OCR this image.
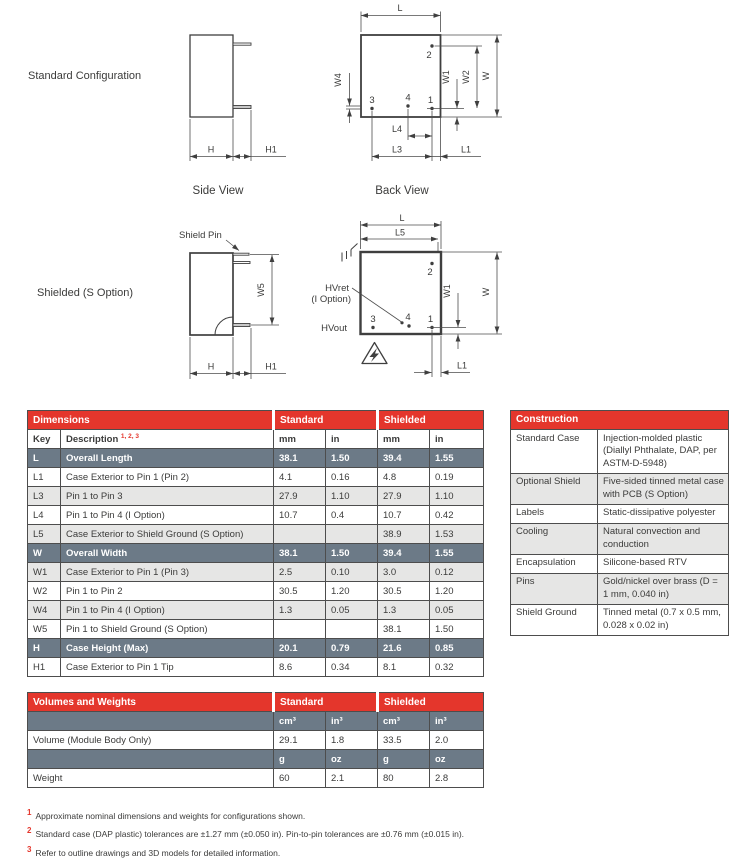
Standard Configuration
Shielded (S Option)
H	H1
Side View
L
2
3	4 1
W4	W1 W2 W
L4
L3	L1
Back View
Shield Pin
W5
H	H1
L
L5
2
3	4 1
HVret
(I Option)
HVout
W1	W
L1
Dimensions		Standard		Shielded	
Key	Description $^{1, 2, 3}$	mm	in	mm	in
L	Overall Length	38.1	1.50	39.4	1.55
L1	Case Exterior to Pin 1 (Pin 2)	4.1	0.16	4.8	0.19
L3	Pin 1 to Pin 3	27.9	1.10	27.9	1.10
L4	Pin 1 to Pin 4 (I Option)	10.7	0.4	10.7	0.42
L5	Case Exterior to Shield Ground (S Option)			38.9	1.53
W	Overall Width	38.1	1.50	39.4	1.55
W1	Case Exterior to Pin 1 (Pin 3)	2.5	0.10	3.0	0.12
W2	Pin 1 to Pin 2	30.5	1.20	30.5	1.20
W4	Pin 1 to Pin 4 (I Option)	1.3	0.05	1.3	0.05
W5	Pin 1 to Shield Ground (S Option)			38.1	1.50
H	Case Height (Max)	20.1	0.79	21.6	0.85
H1	Case Exterior to Pin 1 Tip	8.6	0.34	8.1	0.32
Construction	
Standard Case	Injection-molded plastic (Diallyl Phthalate, DAP, per ASTM-D-5948)
Optional Shield	Five-sided tinned metal case with PCB (S Option)
Labels	Static-dissipative polyester
Cooling	Natural convection and conduction
Encapsulation	Silicone-based RTV
Pins	Gold/nickel over brass (D = 1 mm, 0.040 in)
Shield Ground	Tinned metal (0.7 x 0.5 mm, 0.028 x 0.02 in)
Volumes and Weights	Standard		Shielded	
	cm³	in³	cm³	in³
Volume (Module Body Only)	29.1	1.8	33.5	2.0
	g	oz	g	oz
Weight	60	2.1	80	2.8
1 Approximate nominal dimensions and weights for configurations shown.
2 Standard case (DAP plastic) tolerances are ±1.27 mm (±0.050 in). Pin-to-pin tolerances are ±0.76 mm (±0.015 in).
3 Refer to outline drawings and 3D models for detailed information.
